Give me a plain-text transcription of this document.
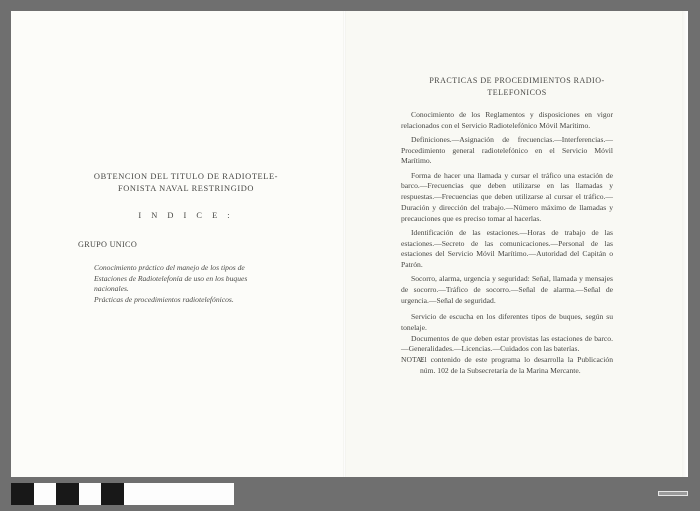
OBTENCION DEL TITULO DE RADIOTELE-
FONISTA NAVAL RESTRINGIDO
I N D I C E :
GRUPO UNICO

Conocimiento práctico del manejo de los tipos de Estaciones de Radiotelefonía de uso en los buques nacionales.

Prácticas de procedimientos radiotelefónicos.

PRACTICAS DE PROCEDIMIENTOS RADIO-
TELEFONICOS

Conocimiento de los Reglamentos y disposiciones en vigor relacionados con el Servicio Radiotelefónico Móvil Marítimo.

Definiciones.—Asignación de frecuencias.—Interferencias.—Procedimiento general radiotelefónico en el Servicio Móvil Marítimo.

Forma de hacer una llamada y cursar el tráfico una estación de barco.—Frecuencias que deben utilizarse en las llamadas y respuestas.—Frecuencias que deben utilizarse al cursar el tráfico.—Duración y dirección del trabajo.—Número máximo de llamadas y precauciones que es preciso tomar al hacerlas.

Identificación de las estaciones.—Horas de trabajo de las estaciones.—Secreto de las comunicaciones.—Personal de las estaciones del Servicio Móvil Marítimo.—Autoridad del Capitán o Patrón.

Socorro, alarma, urgencia y seguridad: Señal, llamada y mensajes de socorro.—Tráfico de socorro.—Señal de alarma.—Señal de urgencia.—Señal de seguridad.

Servicio de escucha en los diferentes tipos de buques, según su tonelaje.

Documentos de que deben estar provistas las estaciones de barco.—Generalidades.—Licencias.—Cuidados con las baterías.

NOTA:
El contenido de este programa lo desarrolla la Publicación núm. 102 de la Subsecretaría de la Marina Mercante.
